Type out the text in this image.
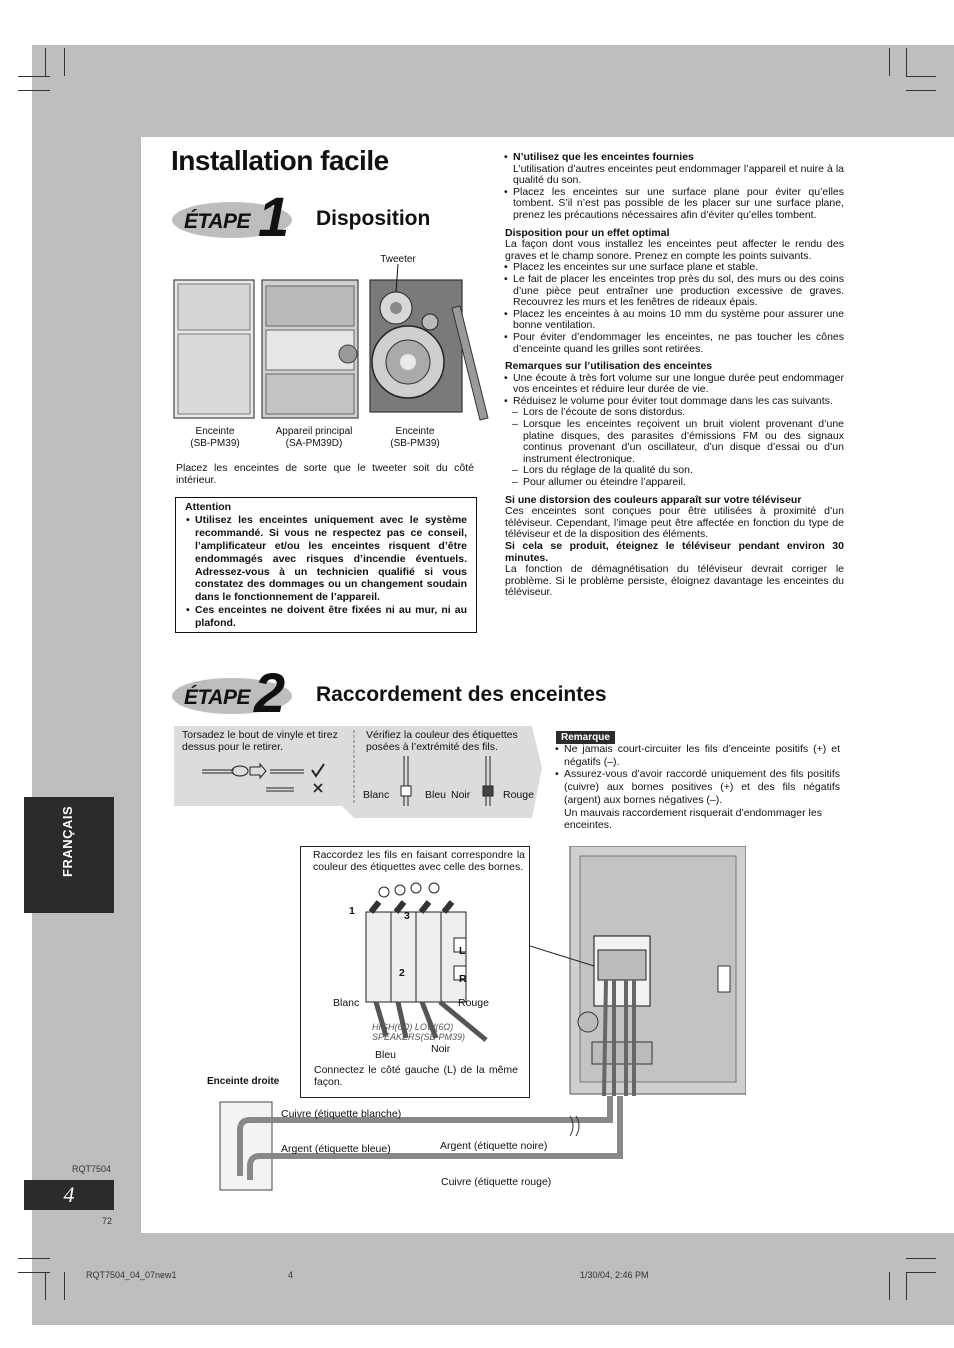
FRANÇAIS
RQT7504
4
72
RQT7504_04_07new1	4	1/30/04, 2:46 PM
Installation facile
ÉTAPE 1 Disposition
Tweeter
Enceinte
(SB-PM39)
Appareil principal
(SA-PM39D)
Enceinte
(SB-PM39)
Placez les enceintes de sorte que le tweeter soit du côté intérieur.
Attention
• Utilisez les enceintes uniquement avec le système recommandé. Si vous ne respectez pas ce conseil, l’amplificateur et/ou les enceintes risquent d’être endommagés avec risques d’incendie éventuels. Adressez-vous à un technicien qualifié si vous constatez des dommages ou un changement soudain dans le fonctionnement de l’appareil.
• Ces enceintes ne doivent être fixées ni au mur, ni au plafond.
• N’utilisez que les enceintes fournies
L’utilisation d’autres enceintes peut endommager l’appareil et nuire à la qualité du son.
• Placez les enceintes sur une surface plane pour éviter qu’elles tombent. S’il n’est pas possible de les placer sur une surface plane, prenez les précautions nécessaires afin d’éviter qu’elles tombent.
Disposition pour un effet optimal
La façon dont vous installez les enceintes peut affecter le rendu des graves et le champ sonore. Prenez en compte les points suivants.
• Placez les enceintes sur une surface plane et stable.
• Le fait de placer les enceintes trop près du sol, des murs ou des coins d’une pièce peut entraîner une production excessive de graves. Recouvrez les murs et les fenêtres de rideaux épais.
• Placez les enceintes à au moins 10 mm du système pour assurer une bonne ventilation.
• Pour éviter d’endommager les enceintes, ne pas toucher les cônes d’enceinte quand les grilles sont retirées.
Remarques sur l’utilisation des enceintes
• Une écoute à très fort volume sur une longue durée peut endommager vos enceintes et réduire leur durée de vie.
• Réduisez le volume pour éviter tout dommage dans les cas suivants.
– Lors de l’écoute de sons distordus.
– Lorsque les enceintes reçoivent un bruit violent provenant d’une platine disques, des parasites d’émissions FM ou des signaux continus provenant d’un oscillateur, d’un disque d’essai ou d’un instrument électronique.
– Lors du réglage de la qualité du son.
– Pour allumer ou éteindre l’appareil.
Si une distorsion des couleurs apparaît sur votre téléviseur
Ces enceintes sont conçues pour être utilisées à proximité d’un téléviseur. Cependant, l’image peut être affectée en fonction du type de téléviseur et de la disposition des éléments.
Si cela se produit, éteignez le téléviseur pendant environ 30 minutes.
La fonction de démagnétisation du téléviseur devrait corriger le problème. Si le problème persiste, éloignez davantage les enceintes du téléviseur.
ÉTAPE 2 Raccordement des enceintes
Torsadez le bout de vinyle et tirez dessus pour le retirer.
Vérifiez la couleur des étiquettes posées à l’extrémité des fils.
Blanc	Bleu Noir	Rouge
Remarque
• Ne jamais court-circuiter les fils d’enceinte positifs (+) et négatifs (–).
• Assurez-vous d’avoir raccordé uniquement des fils positifs (cuivre) aux bornes positives (+) et des fils négatifs (argent) aux bornes négatives (–).
Un mauvais raccordement risquerait d’endommager les enceintes.
Raccordez les fils en faisant correspondre la couleur des étiquettes avec celle des bornes.
1	3
2
L
R
Blanc	Rouge
HIGH(6Ω) LOW(6Ω) SPEAKERS(SB-PM39)
Bleu	Noir
Connectez le côté gauche (L) de la même façon.
Enceinte droite
Cuivre (étiquette blanche)
Argent (étiquette bleue)	Argent (étiquette noire)
Cuivre (étiquette rouge)
